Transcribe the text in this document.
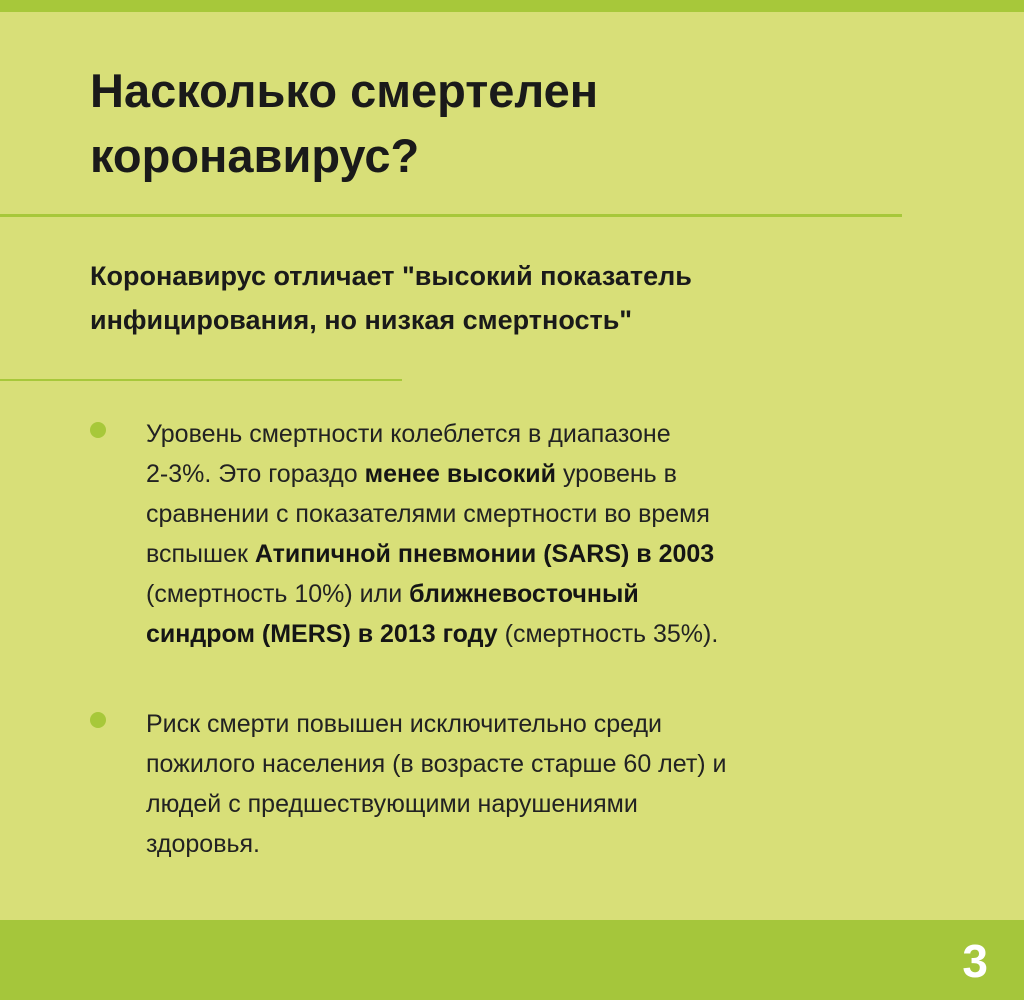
Насколько смертелен
коронавирус?
Коронавирус отличает "высокий показатель
инфицирования, но низкая смертность"
Уровень смертности колеблется в диапазоне
2-3%. Это гораздо менее высокий уровень в
сравнении с показателями смертности во время
вспышек Атипичной пневмонии (SARS) в 2003
(смертность 10%) или ближневосточный
синдром (MERS) в 2013 году (смертность 35%).
Риск смерти повышен исключительно среди
пожилого населения (в возрасте старше 60 лет) и
людей с предшествующими нарушениями
здоровья.
3
